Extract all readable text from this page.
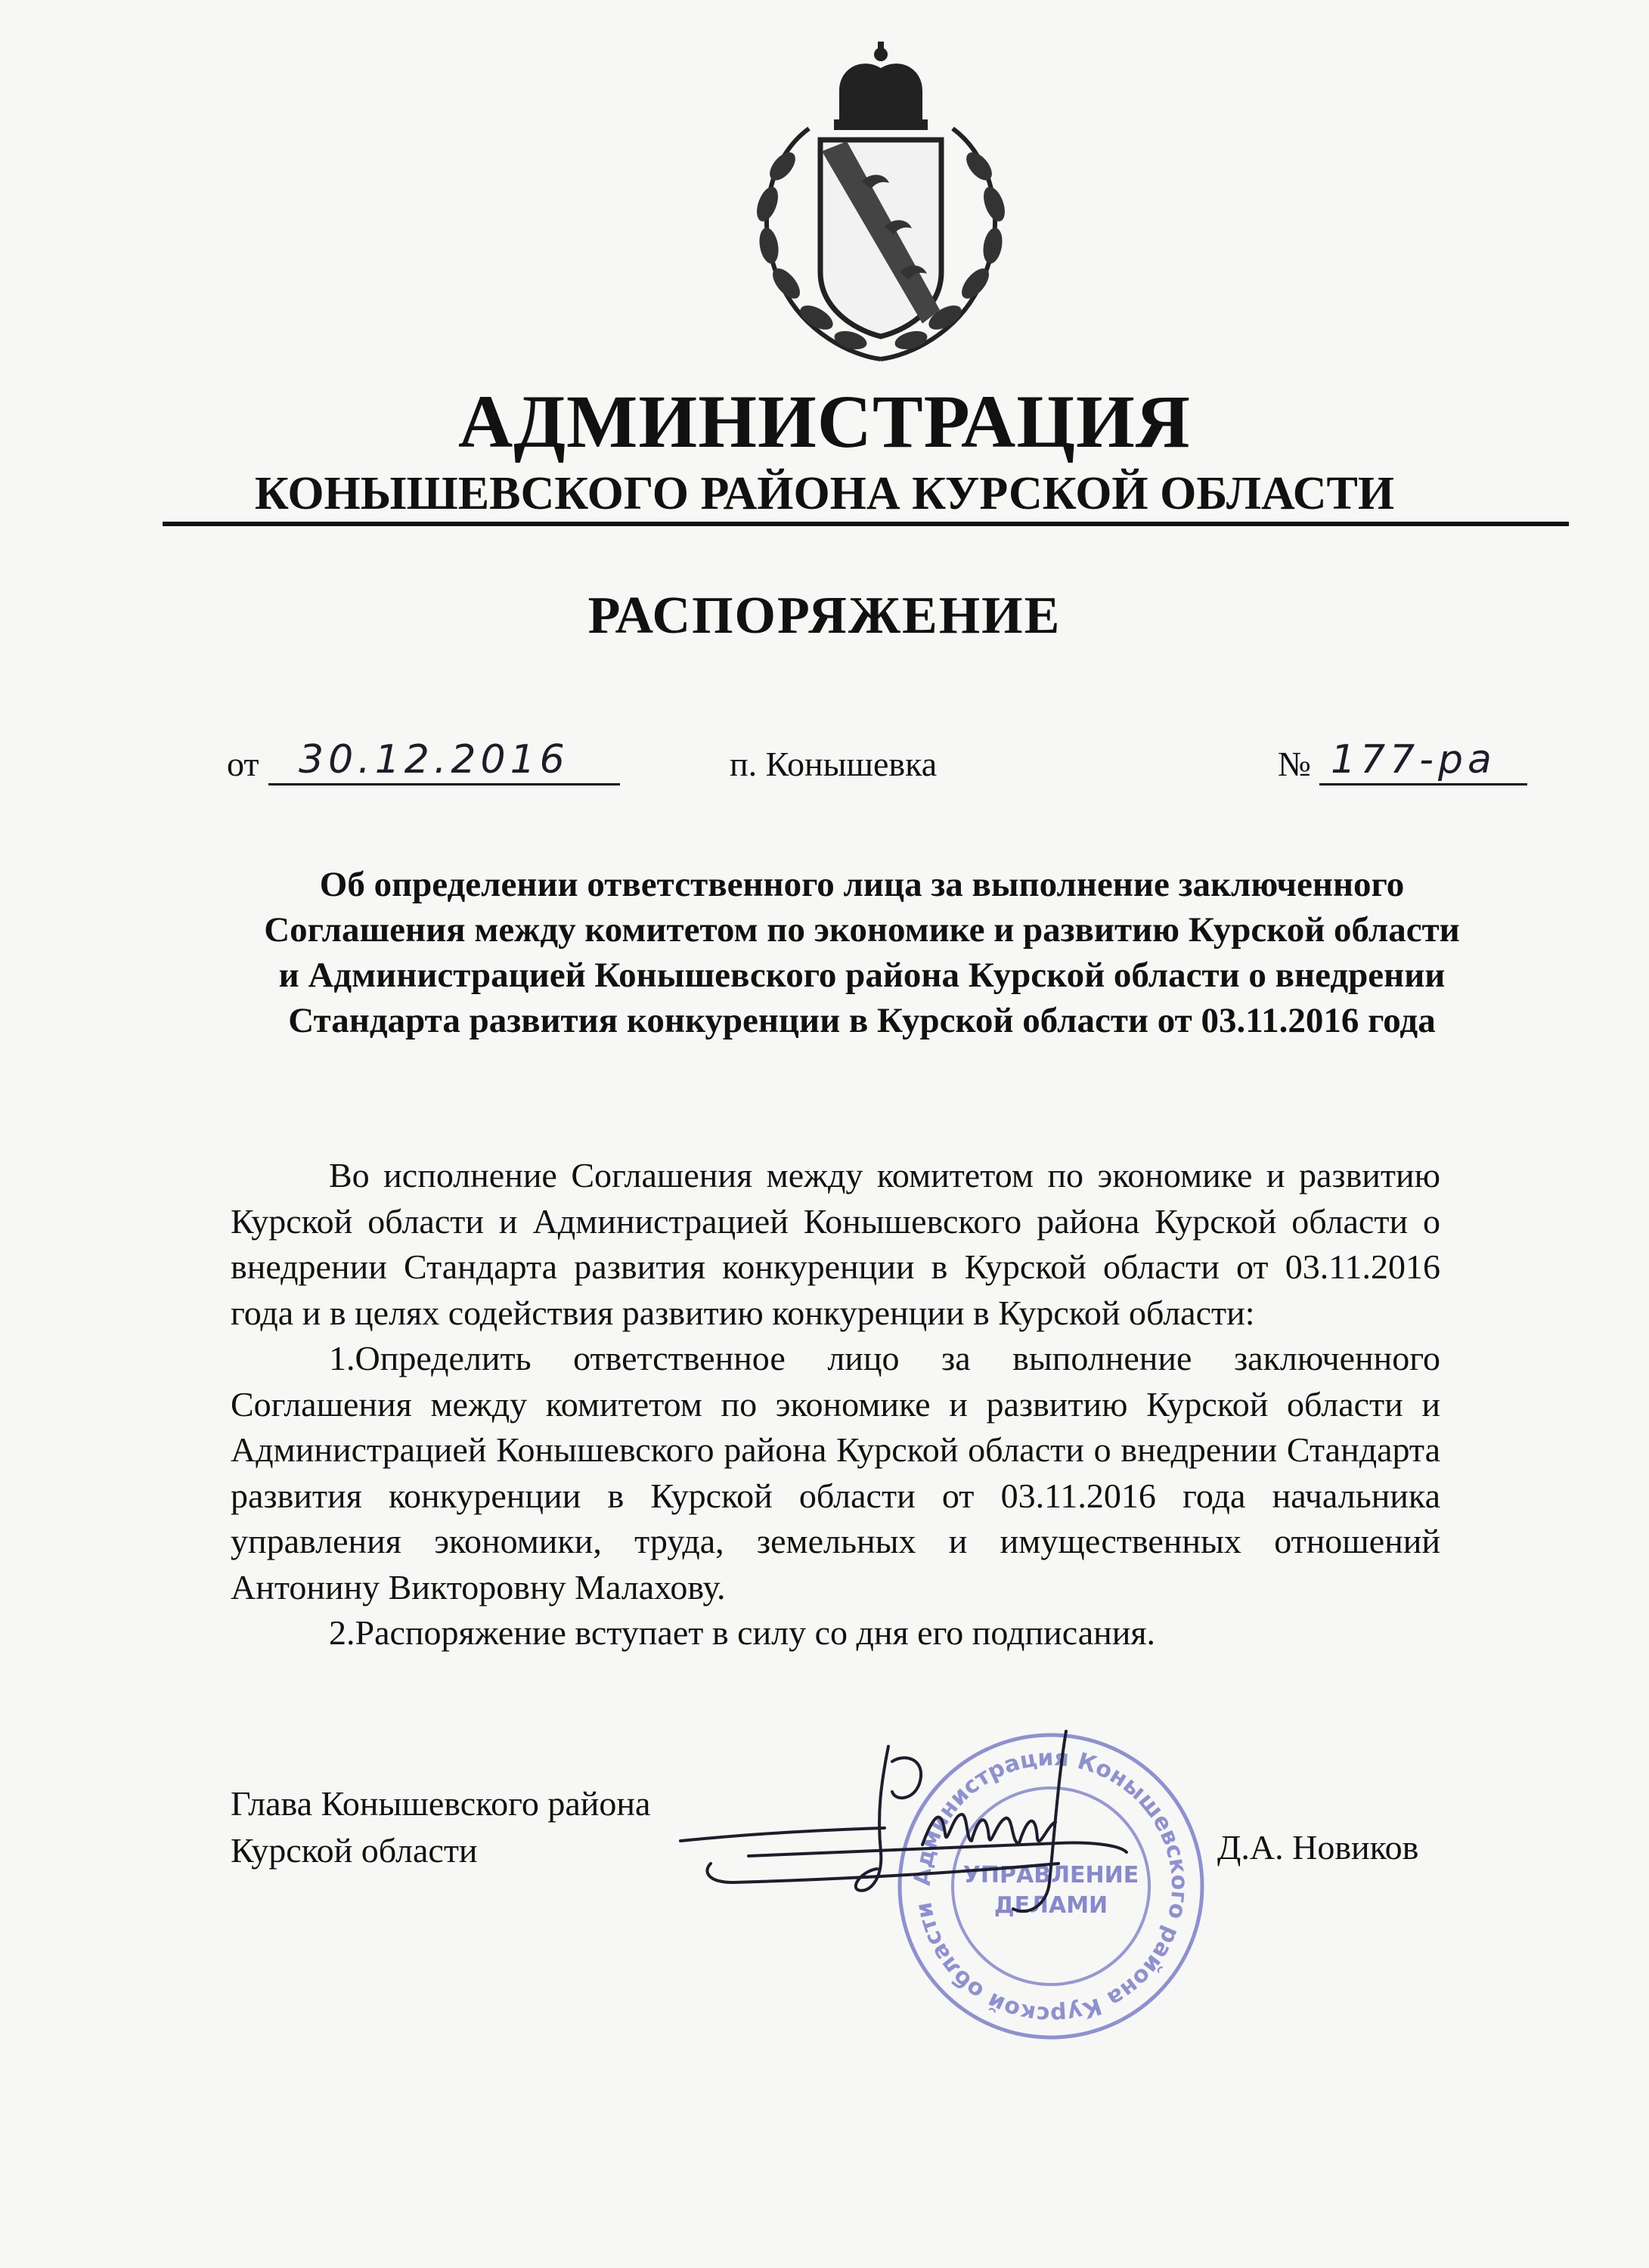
АДМИНИСТРАЦИЯ
КОНЫШЕВСКОГО РАЙОНА КУРСКОЙ ОБЛАСТИ
РАСПОРЯЖЕНИЕ
от 30.12.2016	п. Конышевка	№ 177-ра
Об определении ответственного лица за выполнение заключенного Соглашения между комитетом по экономике и развитию Курской области и Администрацией Конышевского района Курской области о внедрении Стандарта развития конкуренции в Курской области от 03.11.2016 года

Во исполнение Соглашения между комитетом по экономике и развитию Курской области и Администрацией Конышевского района Курской области о внедрении Стандарта развития конкуренции в Курской области от 03.11.2016 года и в целях содействия развитию конкуренции в Курской области:

1.Определить ответственное лицо за выполнение заключенного Соглашения между комитетом по экономике и развитию Курской области и Администрацией Конышевского района Курской области о внедрении Стандарта развития конкуренции в Курской области от 03.11.2016 года начальника управления экономики, труда, земельных и имущественных отношений Антонину Викторовну Малахову.

2.Распоряжение вступает в силу со дня его подписания.

Глава Конышевского района
Курской области	Д.А. Новиков
Администрация Конышевского района Курской области
УПРАВЛЕНИЕ
ДЕЛАМИ
